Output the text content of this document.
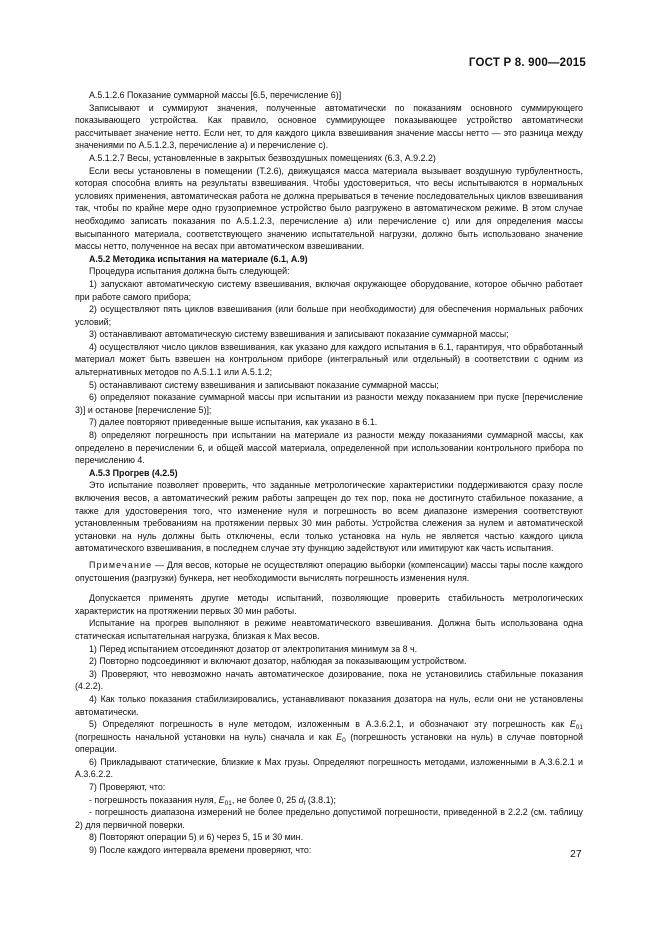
ГОСТ Р 8. 900—2015

А.5.1.2.6 Показание суммарной массы [6.5, перечисление 6)]

Записывают и суммируют значения, полученные автоматически по показаниям основного суммирующего показывающего устройства. Как правило, основное суммирующее показывающее устройство автоматически рассчитывает значение нетто. Если нет, то для каждого цикла взвешивания значение массы нетто — это разница между значениями по А.5.1.2.3, перечисление а) и перечисление с).

А.5.1.2.7 Весы, установленные в закрытых безвоздушных помещениях (6.3, А.9.2.2)

Если весы установлены в помещении (Т.2.6), движущаяся масса материала вызывает воздушную турбулентность, которая способна влиять на результаты взвешивания. Чтобы удостовериться, что весы испытываются в нормальных условиях применения, автоматическая работа не должна прерываться в течение последовательных циклов взвешивания так, чтобы по крайне мере одно грузоприемное устройство было разгружено в автоматическом режиме. В этом случае необходимо записать показания по А.5.1.2.3, перечисление а) или перечисление с) или для определения массы высыпанного материала, соответствующего значению испытательной нагрузки, должно быть использовано значение массы нетто, полученное на весах при автоматическом взвешивании.

А.5.2 Методика испытания на материале (6.1, А.9)

Процедура испытания должна быть следующей:

1) запускают автоматическую систему взвешивания, включая окружающее оборудование, которое обычно работает при работе самого прибора;

2) осуществляют пять циклов взвешивания (или больше при необходимости) для обеспечения нормальных рабочих условий;

3) останавливают автоматическую систему взвешивания и записывают показание суммарной массы;

4) осуществляют число циклов взвешивания, как указано для каждого испытания в 6.1, гарантируя, что обработанный материал может быть взвешен на контрольном приборе (интегральный или отдельный) в соответствии с одним из альтернативных методов по А.5.1.1 или А.5.1.2;

5) останавливают систему взвешивания и записывают показание суммарной массы;

6) определяют показание суммарной массы при испытании из разности между показанием при пуске [перечисление 3)] и останове [перечисление 5)];

7) далее повторяют приведенные выше испытания, как указано в 6.1.

8) определяют погрешность при испытании на материале из разности между показаниями суммарной массы, как определено в перечислении 6, и общей массой материала, определенной при использовании контрольного прибора по перечислению 4.

А.5.3 Прогрев (4.2.5)

Это испытание позволяет проверить, что заданные метрологические характеристики поддерживаются сразу после включения весов, а автоматический режим работы запрещен до тех пор, пока не достигнуто стабильное показание, а также для удостоверения того, что изменение нуля и погрешность во всем диапазоне измерения соответствуют установленным требованиям на протяжении первых 30 мин работы. Устройства слежения за нулем и автоматической установки на нуль должны быть отключены, если только установка на нуль не является частью каждого цикла автоматического взвешивания, в последнем случае эту функцию задействуют или имитируют как часть испытания.

Примечание — Для весов, которые не осуществляют операцию выборки (компенсации) массы тары после каждого опустошения (разгрузки) бункера, нет необходимости вычислять погрешность изменения нуля.

Допускается применять другие методы испытаний, позволяющие проверить стабильность метрологических характеристик на протяжении первых 30 мин работы.

Испытание на прогрев выполняют в режиме неавтоматического взвешивания. Должна быть использована одна статическая испытательная нагрузка, близкая к Max весов.

1) Перед испытанием отсоединяют дозатор от электропитания минимум за 8 ч.

2) Повторно подсоединяют и включают дозатор, наблюдая за показывающим устройством.

3) Проверяют, что невозможно начать автоматическое дозирование, пока не установились стабильные показания (4.2.2).

4) Как только показания стабилизировались, устанавливают показания дозатора на нуль, если они не установлены автоматически.

5) Определяют погрешность в нуле методом, изложенным в А.3.6.2.1, и обозначают эту погрешность как $E_{01}$ (погрешность начальной установки на нуль) сначала и как $E_0$ (погрешность установки на нуль) в случае повторной операции.

6) Прикладывают статические, близкие к Max грузы. Определяют погрешность методами, изложенными в А.3.6.2.1 и А.3.6.2.2.

7) Проверяют, что:

- погрешность показания нуля, $E_{01}$, не более 0, 25 $d_f$ (3.8.1);

- погрешность диапазона измерений не более предельно допустимой погрешности, приведенной в 2.2.2 (см. таблицу 2) для первичной поверки.

8) Повторяют операции 5) и 6) через 5, 15 и 30 мин.

9) После каждого интервала времени проверяют, что:	27
